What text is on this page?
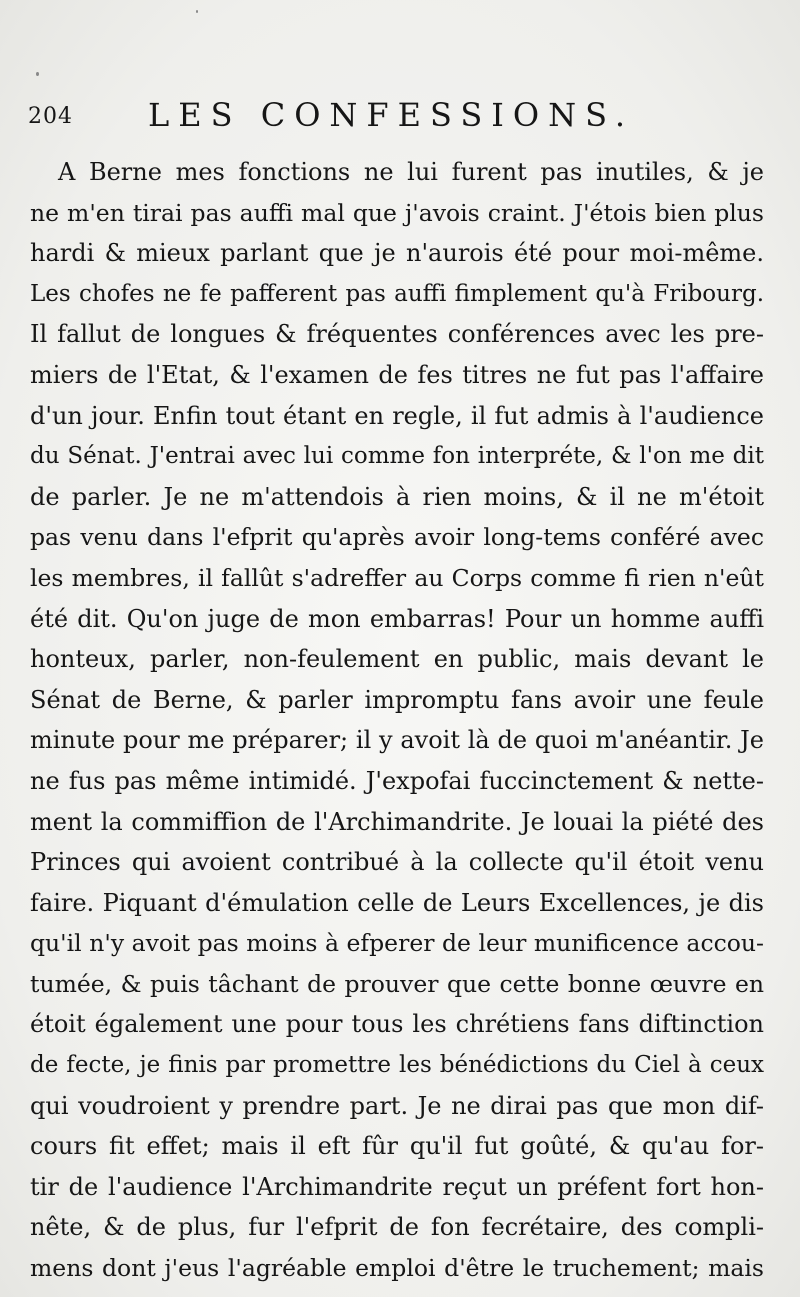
204 LES CONFESSIONS.
A Berne mes fonctions ne lui furent pas inutiles, & je
ne m'en tirai pas auffi mal que j'avois craint. J'étois bien plus
hardi & mieux parlant que je n'aurois été pour moi-même.
Les chofes ne fe pafferent pas auffi fimplement qu'à Fribourg.
Il fallut de longues & fréquentes conférences avec les pre-
miers de l'Etat, & l'examen de fes titres ne fut pas l'affaire
d'un jour. Enfin tout étant en regle, il fut admis à l'audience
du Sénat. J'entrai avec lui comme fon interpréte, & l'on me dit
de parler. Je ne m'attendois à rien moins, & il ne m'étoit
pas venu dans l'efprit qu'après avoir long-tems conféré avec
les membres, il fallût s'adreffer au Corps comme fi rien n'eût
été dit. Qu'on juge de mon embarras! Pour un homme auffi
honteux, parler, non-feulement en public, mais devant le
Sénat de Berne, & parler impromptu fans avoir une feule
minute pour me préparer; il y avoit là de quoi m'anéantir. Je
ne fus pas même intimidé. J'expofai fuccinctement & nette-
ment la commiffion de l'Archimandrite. Je louai la piété des
Princes qui avoient contribué à la collecte qu'il étoit venu
faire. Piquant d'émulation celle de Leurs Excellences, je dis
qu'il n'y avoit pas moins à efperer de leur munificence accou-
tumée, & puis tâchant de prouver que cette bonne œuvre en
étoit également une pour tous les chrétiens fans diftinction
de fecte, je finis par promettre les bénédictions du Ciel à ceux
qui voudroient y prendre part. Je ne dirai pas que mon dif-
cours fit effet; mais il eft fûr qu'il fut goûté, & qu'au for-
tir de l'audience l'Archimandrite reçut un préfent fort hon-
nête, & de plus, fur l'efprit de fon fecrétaire, des compli-
mens dont j'eus l'agréable emploi d'être le truchement; mais
